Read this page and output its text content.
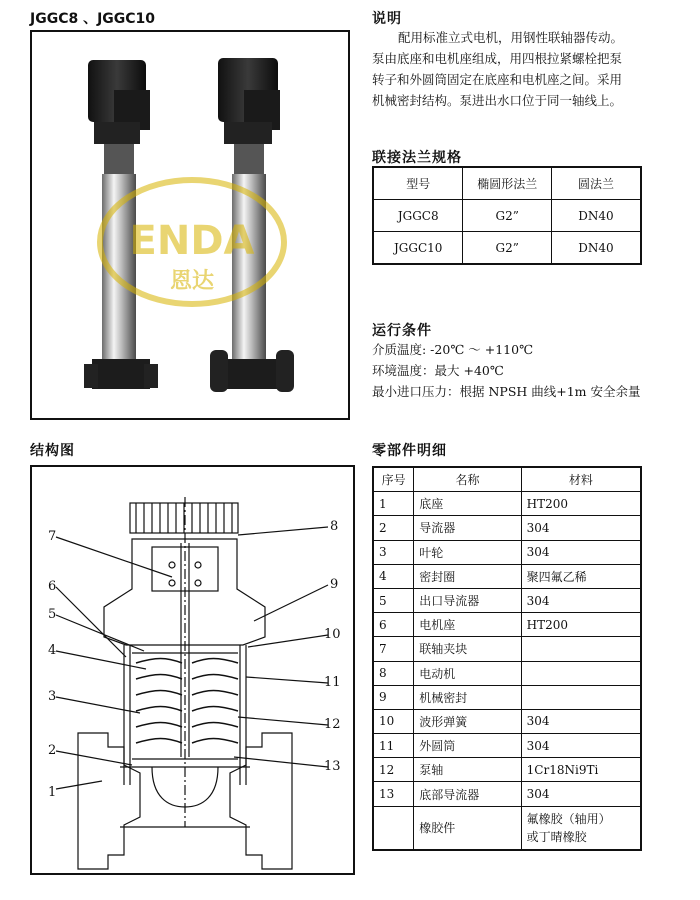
JGGC8 、JGGC10
ENDA
恩达
说明
配用标准立式电机，用钢性联轴器传动。
泵由底座和电机座组成，用四根拉紧螺栓把泵
转子和外圆筒固定在底座和电机座之间。采用
机械密封结构。泵进出水口位于同一轴线上。
联接法兰规格
型号	椭圆形法兰	圆法兰
JGGC8	G2”	DN40
JGGC10	G2”	DN40
运行条件
介质温度: -20℃ ～ +110℃
环境温度：最大 +40℃
最小进口压力：根据 NPSH 曲线+1m 安全余量
结构图
1
2
3
4
5
6
7
8
9
10
11
12
13
零部件明细
序号	名称	材料
1	底座	HT200
2	导流器	304
3	叶轮	304
4	密封圈	聚四氟乙稀
5	出口导流器	304
6	电机座	HT200
7	联轴夹块	
8	电动机	
9	机械密封	
10	波形弹簧	304
11	外圆筒	304
12	泵轴	1Cr18Ni9Ti
13	底部导流器	304
	橡胶件	氟橡胶（轴用）
或丁晴橡胶
